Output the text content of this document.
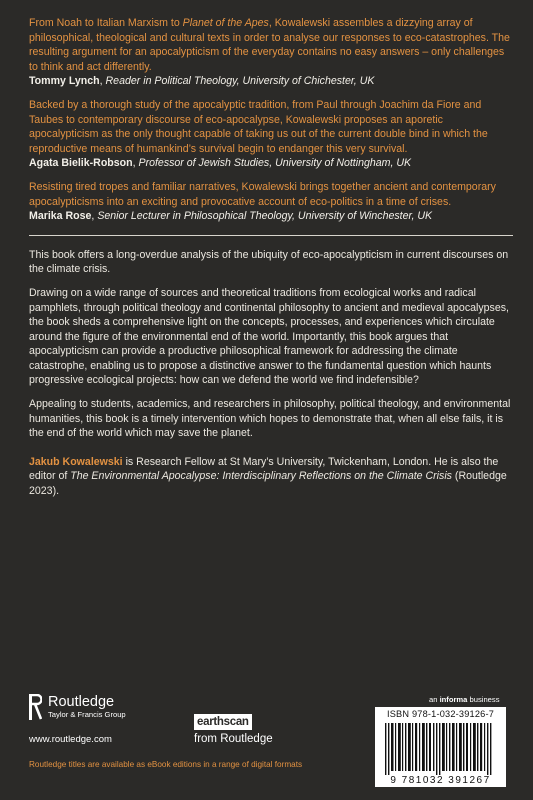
From Noah to Italian Marxism to Planet of the Apes, Kowalewski assembles a dizzying array of philosophical, theological and cultural texts in order to analyse our responses to eco-catastrophes. The resulting argument for an apocalypticism of the everyday contains no easy answers – only challenges to think and act differently.

Tommy Lynch, Reader in Political Theology, University of Chichester, UK

Backed by a thorough study of the apocalyptic tradition, from Paul through Joachim da Fiore and Taubes to contemporary discourse of eco-apocalypse, Kowalewski proposes an aporetic apocalypticism as the only thought capable of taking us out of the current double bind in which the reproductive means of humankind’s survival begin to endanger this very survival.

Agata Bielik-Robson, Professor of Jewish Studies, University of Nottingham, UK

Resisting tired tropes and familiar narratives, Kowalewski brings together ancient and contemporary apocalypticisms into an exciting and provocative account of eco-politics in a time of crises.

Marika Rose, Senior Lecturer in Philosophical Theology, University of Winchester, UK

This book offers a long-overdue analysis of the ubiquity of eco-apocalypticism in current discourses on the climate crisis.

Drawing on a wide range of sources and theoretical traditions from ecological works and radical pamphlets, through political theology and continental philosophy to ancient and medieval apocalypses, the book sheds a comprehensive light on the concepts, processes, and experiences which circulate around the figure of the environmental end of the world. Importantly, this book argues that apocalypticism can provide a productive philosophical framework for addressing the climate catastrophe, enabling us to propose a distinctive answer to the fundamental question which haunts progressive ecological projects: how can we defend the world we find indefensible?

Appealing to students, academics, and researchers in philosophy, political theology, and environmental humanities, this book is a timely intervention which hopes to demonstrate that, when all else fails, it is the end of the world which may save the planet.

Jakub Kowalewski is Research Fellow at St Mary’s University, Twickenham, London. He is also the editor of The Environmental Apocalypse: Interdisciplinary Reflections on the Climate Crisis (Routledge 2023).

Routledge
Taylor & Francis Group
www.routledge.com
earthscan
from Routledge
an informa business
ISBN 978-1-032-39126-7
9 781032 391267
Routledge titles are available as eBook editions in a range of digital formats
